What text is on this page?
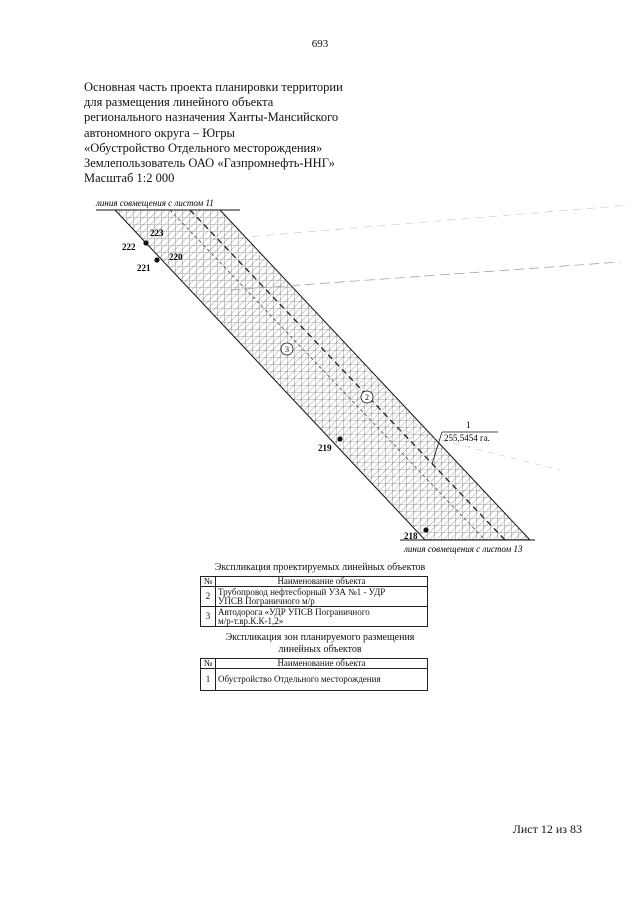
693
Основная часть проекта планировки территории
для размещения линейного объекта
регионального назначения Ханты-Мансийского
автономного округа – Югры
«Обустройство Отдельного месторождения»
Землепользователь ОАО «Газпромнефть-ННГ»
Масштаб 1:2 000
линия совмещения с листом 11
линия совмещения с листом 13
223
222
220
221
219
218
3
2
1
255,5454 га.
Экспликация проектируемых линейных объектов
№	Наименование объекта
2	Трубопровод нефтесборный УЗА №1 - УДР
УПСВ Пограничного м/р

3	Автодорога «УДР УПСВ Пограничного
м/р-т.вр.К.К-1,2»
Экспликация зон планируемого размещения
линейных объектов
№	Наименование объекта
1	Обустройство Отдельного месторождения
Лист 12 из 83
